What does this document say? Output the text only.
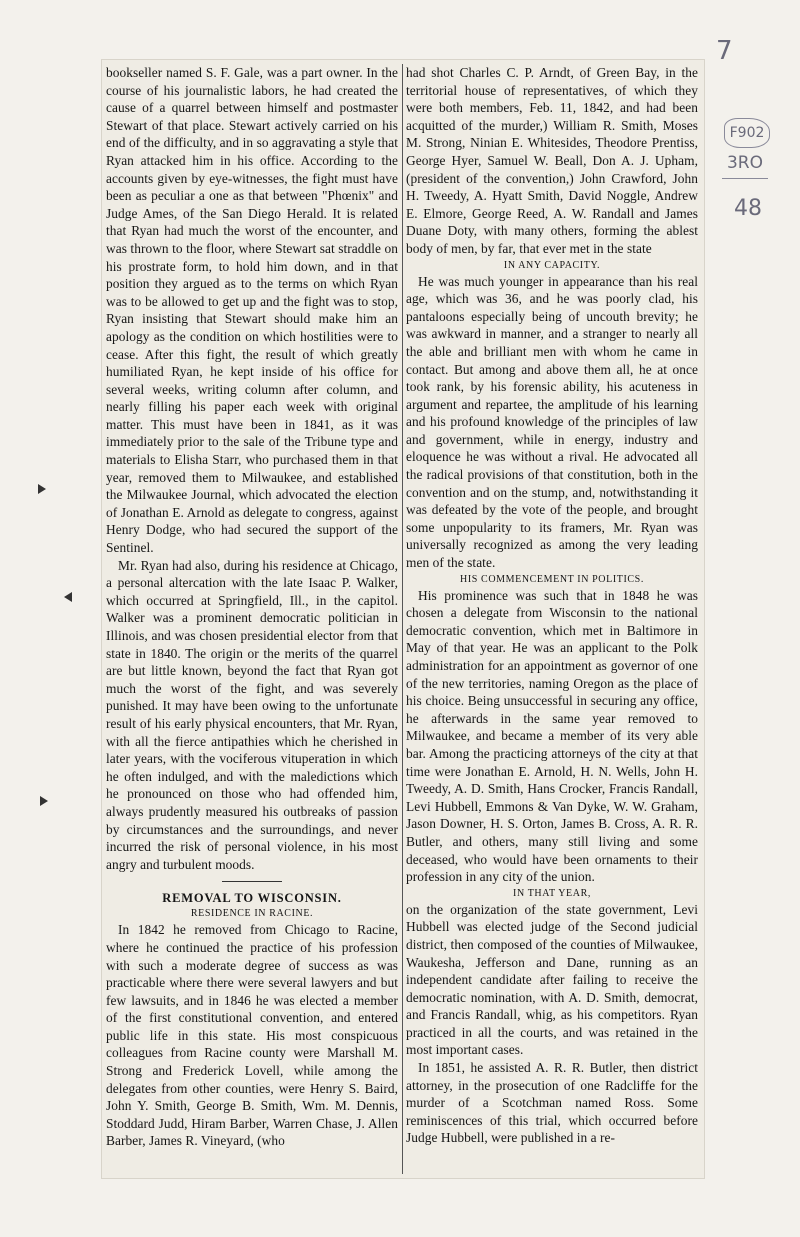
7
F902
3RO
48

bookseller named S. F. Gale, was a part owner. In the course of his journalistic labors, he had created the cause of a quarrel between himself and postmaster Stewart of that place. Stewart actively carried on his end of the difficulty, and in so aggravating a style that Ryan attacked him in his office. According to the accounts given by eye-witnesses, the fight must have been as peculiar a one as that between "Phœnix" and Judge Ames, of the San Diego Herald. It is related that Ryan had much the worst of the encounter, and was thrown to the floor, where Stewart sat straddle on his prostrate form, to hold him down, and in that position they argued as to the terms on which Ryan was to be allowed to get up and the fight was to stop, Ryan insisting that Stewart should make him an apology as the condition on which hostilities were to cease. After this fight, the result of which greatly humiliated Ryan, he kept inside of his office for several weeks, writing column after column, and nearly filling his paper each week with original matter. This must have been in 1841, as it was immediately prior to the sale of the Tribune type and materials to Elisha Starr, who purchased them in that year, removed them to Milwaukee, and established the Milwaukee Journal, which advocated the election of Jonathan E. Arnold as delegate to congress, against Henry Dodge, who had secured the support of the Sentinel.

Mr. Ryan had also, during his residence at Chicago, a personal altercation with the late Isaac P. Walker, which occurred at Springfield, Ill., in the capitol. Walker was a prominent democratic politician in Illinois, and was chosen presidential elector from that state in 1840. The origin or the merits of the quarrel are but little known, beyond the fact that Ryan got much the worst of the fight, and was severely punished. It may have been owing to the unfortunate result of his early physical encounters, that Mr. Ryan, with all the fierce antipathies which he cherished in later years, with the vociferous vituperation in which he often indulged, and with the maledictions which he pronounced on those who had offended him, always prudently measured his outbreaks of passion by circumstances and the surroundings, and never incurred the risk of personal violence, in his most angry and turbulent moods.

REMOVAL TO WISCONSIN.

RESIDENCE IN RACINE.

In 1842 he removed from Chicago to Racine, where he continued the practice of his profession with such a moderate degree of success as was practicable where there were several lawyers and but few lawsuits, and in 1846 he was elected a member of the first constitutional convention, and entered public life in this state. His most conspicuous colleagues from Racine county were Marshall M. Strong and Frederick Lovell, while among the delegates from other counties, were Henry S. Baird, John Y. Smith, George B. Smith, Wm. M. Dennis, Stoddard Judd, Hiram Barber, Warren Chase, J. Allen Barber, James R. Vineyard, (who

had shot Charles C. P. Arndt, of Green Bay, in the territorial house of representatives, of which they were both members, Feb. 11, 1842, and had been acquitted of the murder,) William R. Smith, Moses M. Strong, Ninian E. Whitesides, Theodore Prentiss, George Hyer, Samuel W. Beall, Don A. J. Upham, (president of the convention,) John Crawford, John H. Tweedy, A. Hyatt Smith, David Noggle, Andrew E. Elmore, George Reed, A. W. Randall and James Duane Doty, with many others, forming the ablest body of men, by far, that ever met in the state

IN ANY CAPACITY.

He was much younger in appearance than his real age, which was 36, and he was poorly clad, his pantaloons especially being of uncouth brevity; he was awkward in manner, and a stranger to nearly all the able and brilliant men with whom he came in contact. But among and above them all, he at once took rank, by his forensic ability, his acuteness in argument and repartee, the amplitude of his learning and his profound knowledge of the principles of law and government, while in energy, industry and eloquence he was without a rival. He advocated all the radical provisions of that constitution, both in the convention and on the stump, and, notwithstanding it was defeated by the vote of the people, and brought some unpopularity to its framers, Mr. Ryan was universally recognized as among the very leading men of the state.

HIS COMMENCEMENT IN POLITICS.

His prominence was such that in 1848 he was chosen a delegate from Wisconsin to the national democratic convention, which met in Baltimore in May of that year. He was an applicant to the Polk administration for an appointment as governor of one of the new territories, naming Oregon as the place of his choice. Being unsuccessful in securing any office, he afterwards in the same year removed to Milwaukee, and became a member of its very able bar. Among the practicing attorneys of the city at that time were Jonathan E. Arnold, H. N. Wells, John H. Tweedy, A. D. Smith, Hans Crocker, Francis Randall, Levi Hubbell, Emmons & Van Dyke, W. W. Graham, Jason Downer, H. S. Orton, James B. Cross, A. R. R. Butler, and others, many still living and some deceased, who would have been ornaments to their profession in any city of the union.

IN THAT YEAR,

on the organization of the state government, Levi Hubbell was elected judge of the Second judicial district, then composed of the counties of Milwaukee, Waukesha, Jefferson and Dane, running as an independent candidate after failing to receive the democratic nomination, with A. D. Smith, democrat, and Francis Randall, whig, as his competitors. Ryan practiced in all the courts, and was retained in the most important cases.

In 1851, he assisted A. R. R. Butler, then district attorney, in the prosecution of one Radcliffe for the murder of a Scotchman named Ross. Some reminiscences of this trial, which occurred before Judge Hubbell, were published in a re-
